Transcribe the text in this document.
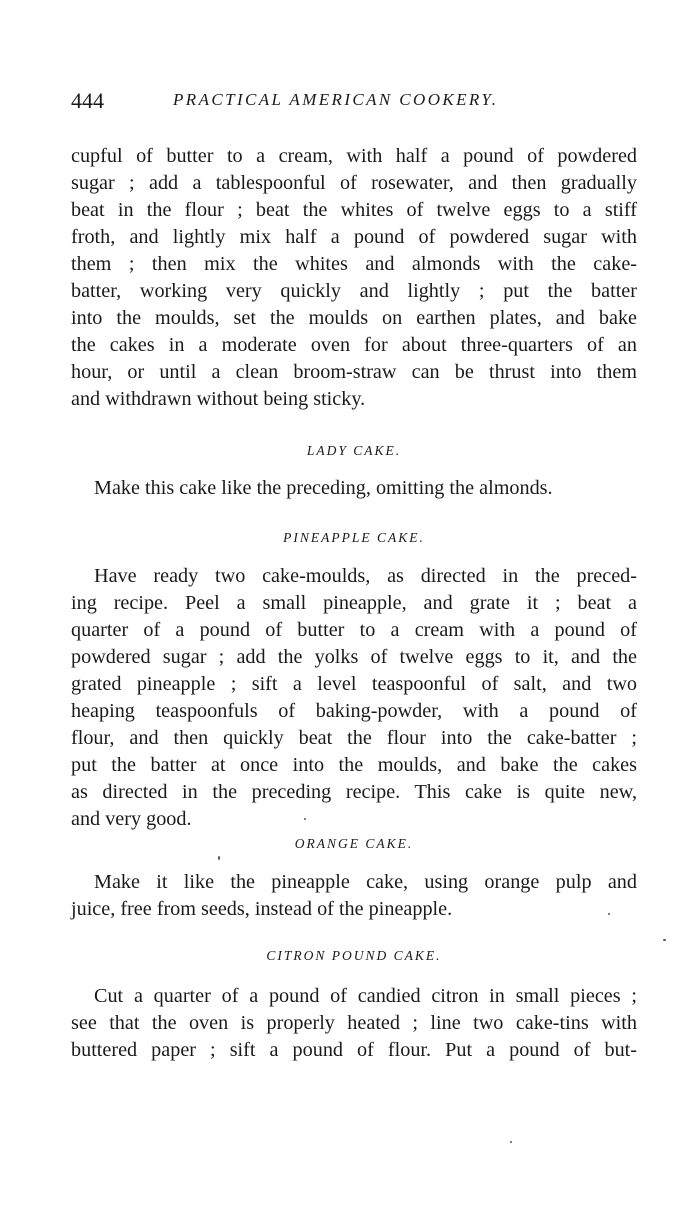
444	PRACTICAL AMERICAN COOKERY.
cupful of butter to a cream, with half a pound of powdered
sugar ; add a tablespoonful of rosewater, and then gradually
beat in the flour ; beat the whites of twelve eggs to a stiff
froth, and lightly mix half a pound of powdered sugar with
them ; then mix the whites and almonds with the cake-
batter, working very quickly and lightly ; put the batter
into the moulds, set the moulds on earthen plates, and bake
the cakes in a moderate oven for about three-quarters of an
hour, or until a clean broom-straw can be thrust into them
and withdrawn without being sticky.

LADY CAKE.

Make this cake like the preceding, omitting the almonds.

PINEAPPLE CAKE.

Have ready two cake-moulds, as directed in the preced-
ing recipe. Peel a small pineapple, and grate it ; beat a
quarter of a pound of butter to a cream with a pound of
powdered sugar ; add the yolks of twelve eggs to it, and the
grated pineapple ; sift a level teaspoonful of salt, and two
heaping teaspoonfuls of baking-powder, with a pound of
flour, and then quickly beat the flour into the cake-batter ;
put the batter at once into the moulds, and bake the cakes
as directed in the preceding recipe. This cake is quite new,
and very good.

ORANGE CAKE.

Make it like the pineapple cake, using orange pulp and
juice, free from seeds, instead of the pineapple.

CITRON POUND CAKE.

Cut a quarter of a pound of candied citron in small pieces ;
see that the oven is properly heated ; line two cake-tins with
buttered paper ; sift a pound of flour. Put a pound of but-
